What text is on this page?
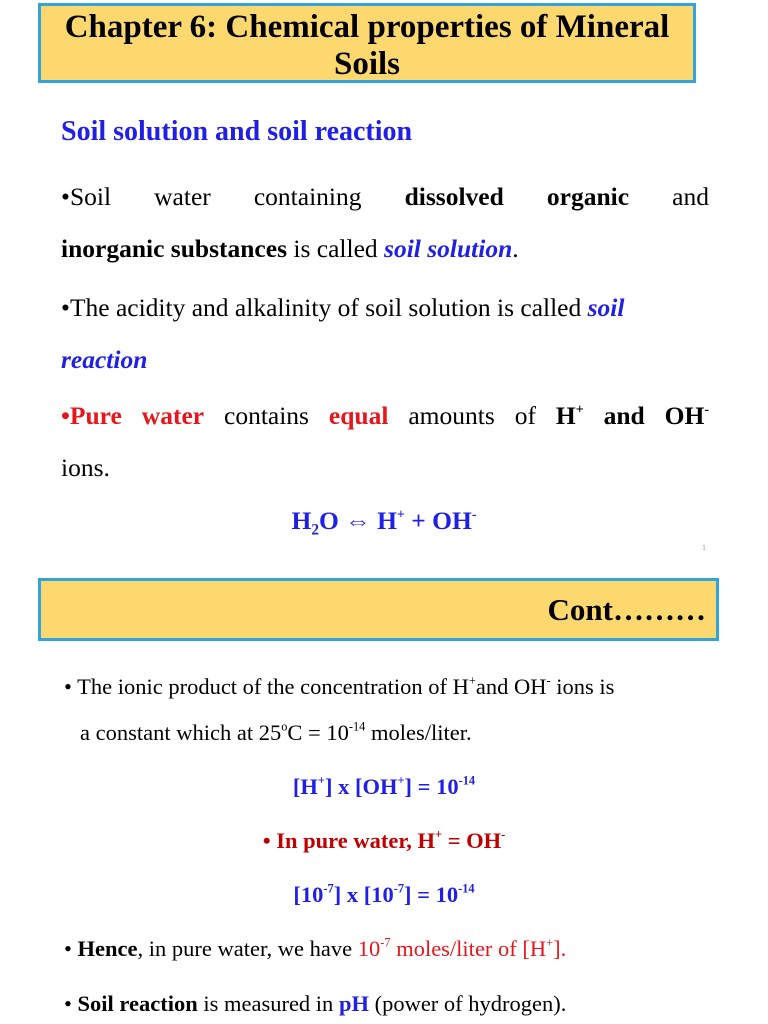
Chapter 6: Chemical properties of Mineral
Soils
Soil solution and soil reaction
•Soil water containing dissolved organic and
inorganic substances is called soil solution.
•The acidity and alkalinity of soil solution is called soil
reaction
•Pure water contains equal amounts of H+ and OH-
ions.
$H_2O$ ⇔ H+ + OH-
1
Cont………
• The ionic product of the concentration of H+and OH- ions is
a constant which at $25^oC = 10^{-14}$ moles/liter.
[H+] x $[OH^+] = 10^{-14}$
• In pure water, H+ = OH-
$[10^{-7}]$ x $[10^{-7}] = 10^{-14}$
• Hence, in pure water, we have $10^{-7}$ moles/liter of [H+].
• Soil reaction is measured in pH (power of hydrogen).
